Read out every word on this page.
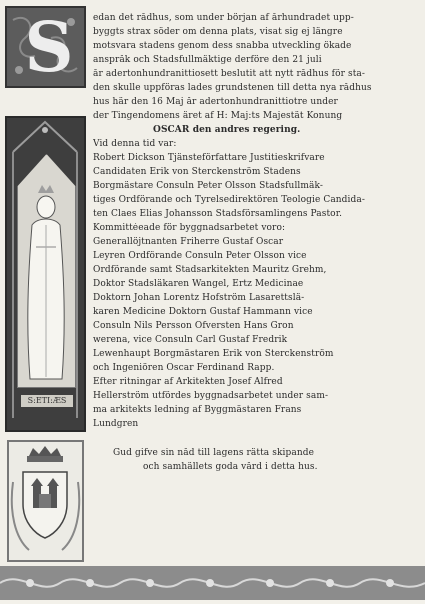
S
S:ETI:ÆS
edan det rådhus, som under början af århundradet upp-
byggts strax söder om denna plats, visat sig ej längre
motsvara stadens genom dess snabba utveckling ökade
anspråk och Stadsfullmäktige derföre den 21 juli
år adertonhundranittiosett beslutit att nytt rådhus för sta-
den skulle uppföras lades grundstenen till detta nya rådhus
hus här den 16 Maj år adertonhundranittiotre under
der Tingendomens äret af H: Maj:ts Majestät Konung
OSCAR den andres regering.
Vid denna tid var:
Robert Dickson Tjänsteförfattare Justitieskrifvare
Candidaten Erik von Sterckenström Stadens
Borgmästare Consuln Peter Olsson Stadsfullmäk-
tiges Ordförande och Tyrelsedirektören Teologie Candida-
ten Claes Elias Johansson Stadsförsamlingens Pastor.
Kommittéeade för byggnadsarbetet voro:
Generallöjtnanten Friherre Gustaf Oscar
Leyren Ordförande Consuln Peter Olsson vice
Ordförande samt Stadsarkitekten Mauritz Grehm,
Doktor Stadsläkaren Wangel, Ertz Medicinae
Doktorn Johan Lorentz Hofström Lasarettslä-
karen Medicine Doktorn Gustaf Hammann vice
Consuln Nils Persson Öfversten Hans Gron
werena, vice Consuln Carl Gustaf Fredrik
Lewenhaupt Borgmästaren Erik von Sterckenström
och Ingeniören Oscar Ferdinand Rapp.
Efter ritningar af Arkitekten Josef Alfred
Hellerström utfördes byggnadsarbetet under sam-
ma arkitekts ledning af Byggmästaren Frans
Lundgren
Gud gifve sin nåd till lagens rätta skipande
och samhällets goda vård i detta hus.
